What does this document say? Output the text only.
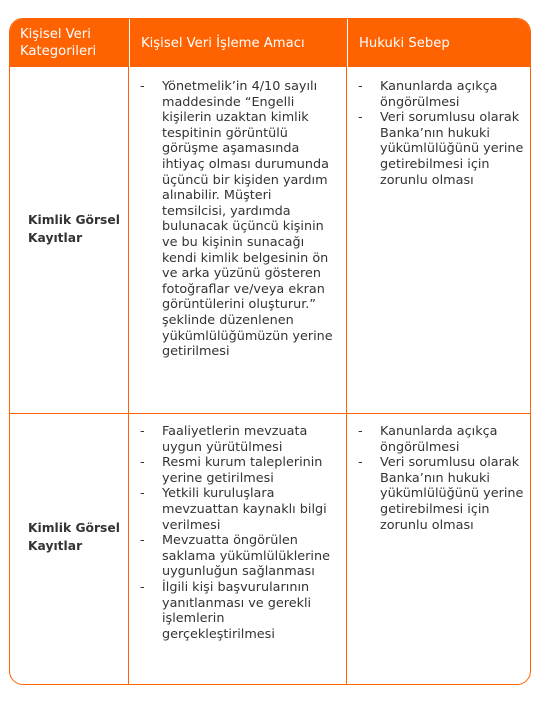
Kişisel Veri Kategorileri
Kişisel Veri İşleme Amacı	Hukuki Sebep
Kimlik Görsel Kayıtlar
- Yönetmelik’in 4/10 sayılı maddesinde “Engelli kişilerin uzaktan kimlik tespitinin görüntülü görüşme aşamasında ihtiyaç olması durumunda üçüncü bir kişiden yardım alınabilir. Müşteri temsilcisi, yardımda bulunacak üçüncü kişinin ve bu kişinin sunacağı kendi kimlik belgesinin ön ve arka yüzünü gösteren fotoğraflar ve/veya ekran görüntülerini oluşturur.” şeklinde düzenlenen yükümlülüğümüzün yerine getirilmesi
- Kanunlarda açıkça öngörülmesi
- Veri sorumlusu olarak Banka’nın hukuki yükümlülüğünü yerine getirebilmesi için zorunlu olması
Kimlik Görsel Kayıtlar
- Faaliyetlerin mevzuata uygun yürütülmesi
- Resmi kurum taleplerinin yerine getirilmesi
- Yetkili kuruluşlara mevzuattan kaynaklı bilgi verilmesi
- Mevzuatta öngörülen saklama yükümlülüklerine uygunluğun sağlanması
- İlgili kişi başvurularının yanıtlanması ve gerekli işlemlerin gerçekleştirilmesi
- Kanunlarda açıkça öngörülmesi
- Veri sorumlusu olarak Banka’nın hukuki yükümlülüğünü yerine getirebilmesi için zorunlu olması
